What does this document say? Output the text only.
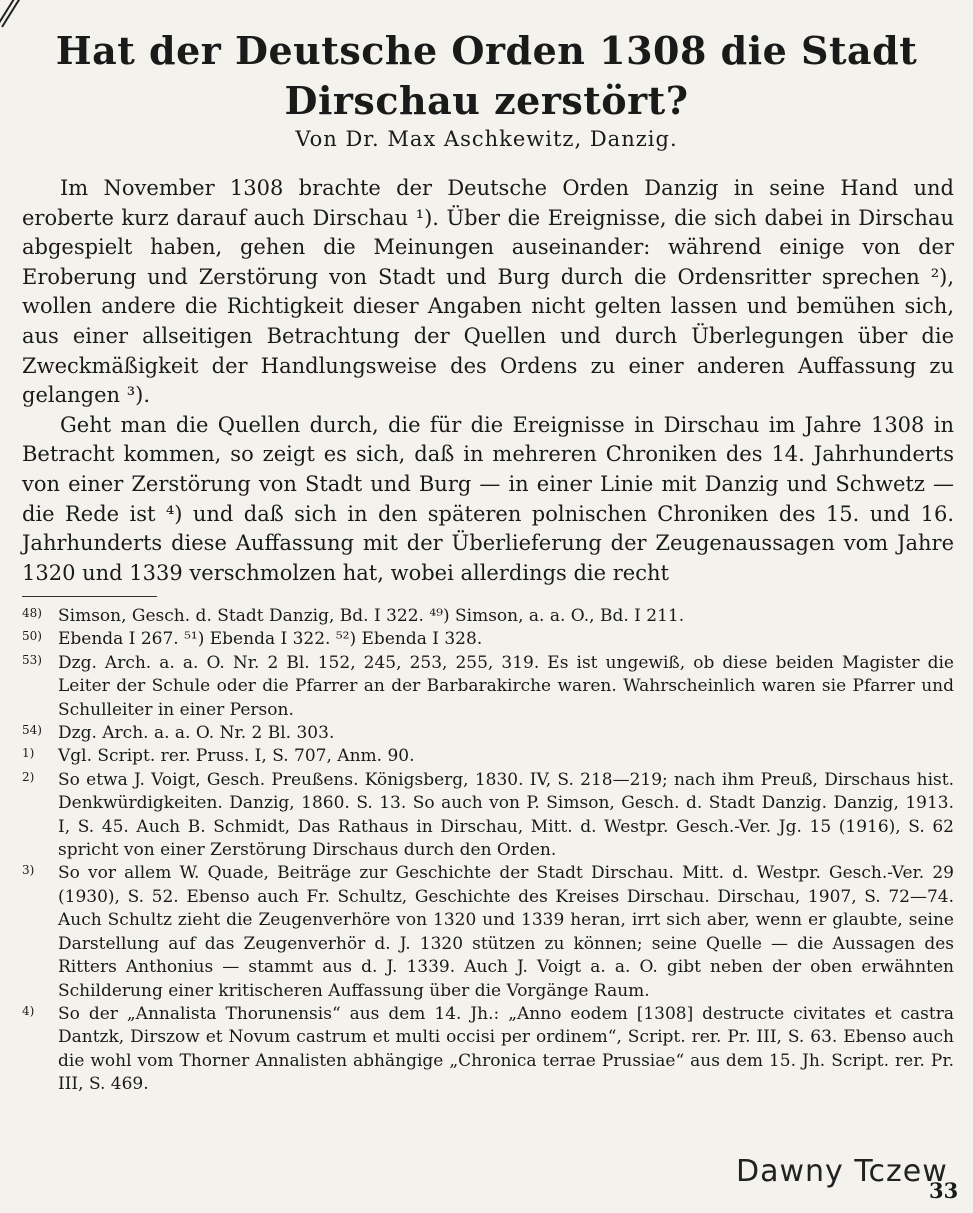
Hat der Deutsche Orden 1308 die Stadt Dirschau zerstört?
Von Dr. Max Aschkewitz, Danzig.

Im November 1308 brachte der Deutsche Orden Danzig in seine Hand und eroberte kurz darauf auch Dirschau ¹). Über die Ereignisse, die sich dabei in Dirschau abgespielt haben, gehen die Meinungen auseinander: während einige von der Eroberung und Zerstörung von Stadt und Burg durch die Ordensritter sprechen ²), wollen andere die Richtigkeit dieser Angaben nicht gelten lassen und bemühen sich, aus einer allseitigen Betrachtung der Quellen und durch Überlegungen über die Zweckmäßigkeit der Handlungsweise des Ordens zu einer anderen Auffassung zu gelangen ³).

Geht man die Quellen durch, die für die Ereignisse in Dirschau im Jahre 1308 in Betracht kommen, so zeigt es sich, daß in mehreren Chroniken des 14. Jahrhunderts von einer Zerstörung von Stadt und Burg — in einer Linie mit Danzig und Schwetz — die Rede ist ⁴) und daß sich in den späteren polnischen Chroniken des 15. und 16. Jahrhunderts diese Auffassung mit der Überlieferung der Zeugenaussagen vom Jahre 1320 und 1339 verschmolzen hat, wobei allerdings die recht

48) Simson, Gesch. d. Stadt Danzig, Bd. I 322. ⁴⁹) Simson, a. a. O., Bd. I 211.

50) Ebenda I 267. ⁵¹) Ebenda I 322. ⁵²) Ebenda I 328.

53) Dzg. Arch. a. a. O. Nr. 2 Bl. 152, 245, 253, 255, 319. Es ist ungewiß, ob diese beiden Magister die Leiter der Schule oder die Pfarrer an der Barbarakirche waren. Wahrscheinlich waren sie Pfarrer und Schulleiter in einer Person.

54) Dzg. Arch. a. a. O. Nr. 2 Bl. 303.

1) Vgl. Script. rer. Pruss. I, S. 707, Anm. 90.

2) So etwa J. Voigt, Gesch. Preußens. Königsberg, 1830. IV, S. 218—219; nach ihm Preuß, Dirschaus hist. Denkwürdigkeiten. Danzig, 1860. S. 13. So auch von P. Simson, Gesch. d. Stadt Danzig. Danzig, 1913. I, S. 45. Auch B. Schmidt, Das Rathaus in Dirschau, Mitt. d. Westpr. Gesch.-Ver. Jg. 15 (1916), S. 62 spricht von einer Zerstörung Dirschaus durch den Orden.

3) So vor allem W. Quade, Beiträge zur Geschichte der Stadt Dirschau. Mitt. d. Westpr. Gesch.-Ver. 29 (1930), S. 52. Ebenso auch Fr. Schultz, Geschichte des Kreises Dirschau. Dirschau, 1907, S. 72—74. Auch Schultz zieht die Zeugenverhöre von 1320 und 1339 heran, irrt sich aber, wenn er glaubte, seine Darstellung auf das Zeugenverhör d. J. 1320 stützen zu können; seine Quelle — die Aussagen des Ritters Anthonius — stammt aus d. J. 1339. Auch J. Voigt a. a. O. gibt neben der oben erwähnten Schilderung einer kritischeren Auffassung über die Vorgänge Raum.

4) So der „Annalista Thorunensis“ aus dem 14. Jh.: „Anno eodem [1308] destructe civitates et castra Dantzk, Dirszow et Novum castrum et multi occisi per ordinem“, Script. rer. Pr. III, S. 63. Ebenso auch die wohl vom Thorner Annalisten abhängige „Chronica terrae Prussiae“ aus dem 15. Jh. Script. rer. Pr. III, S. 469.

Dawny Tczew
33
